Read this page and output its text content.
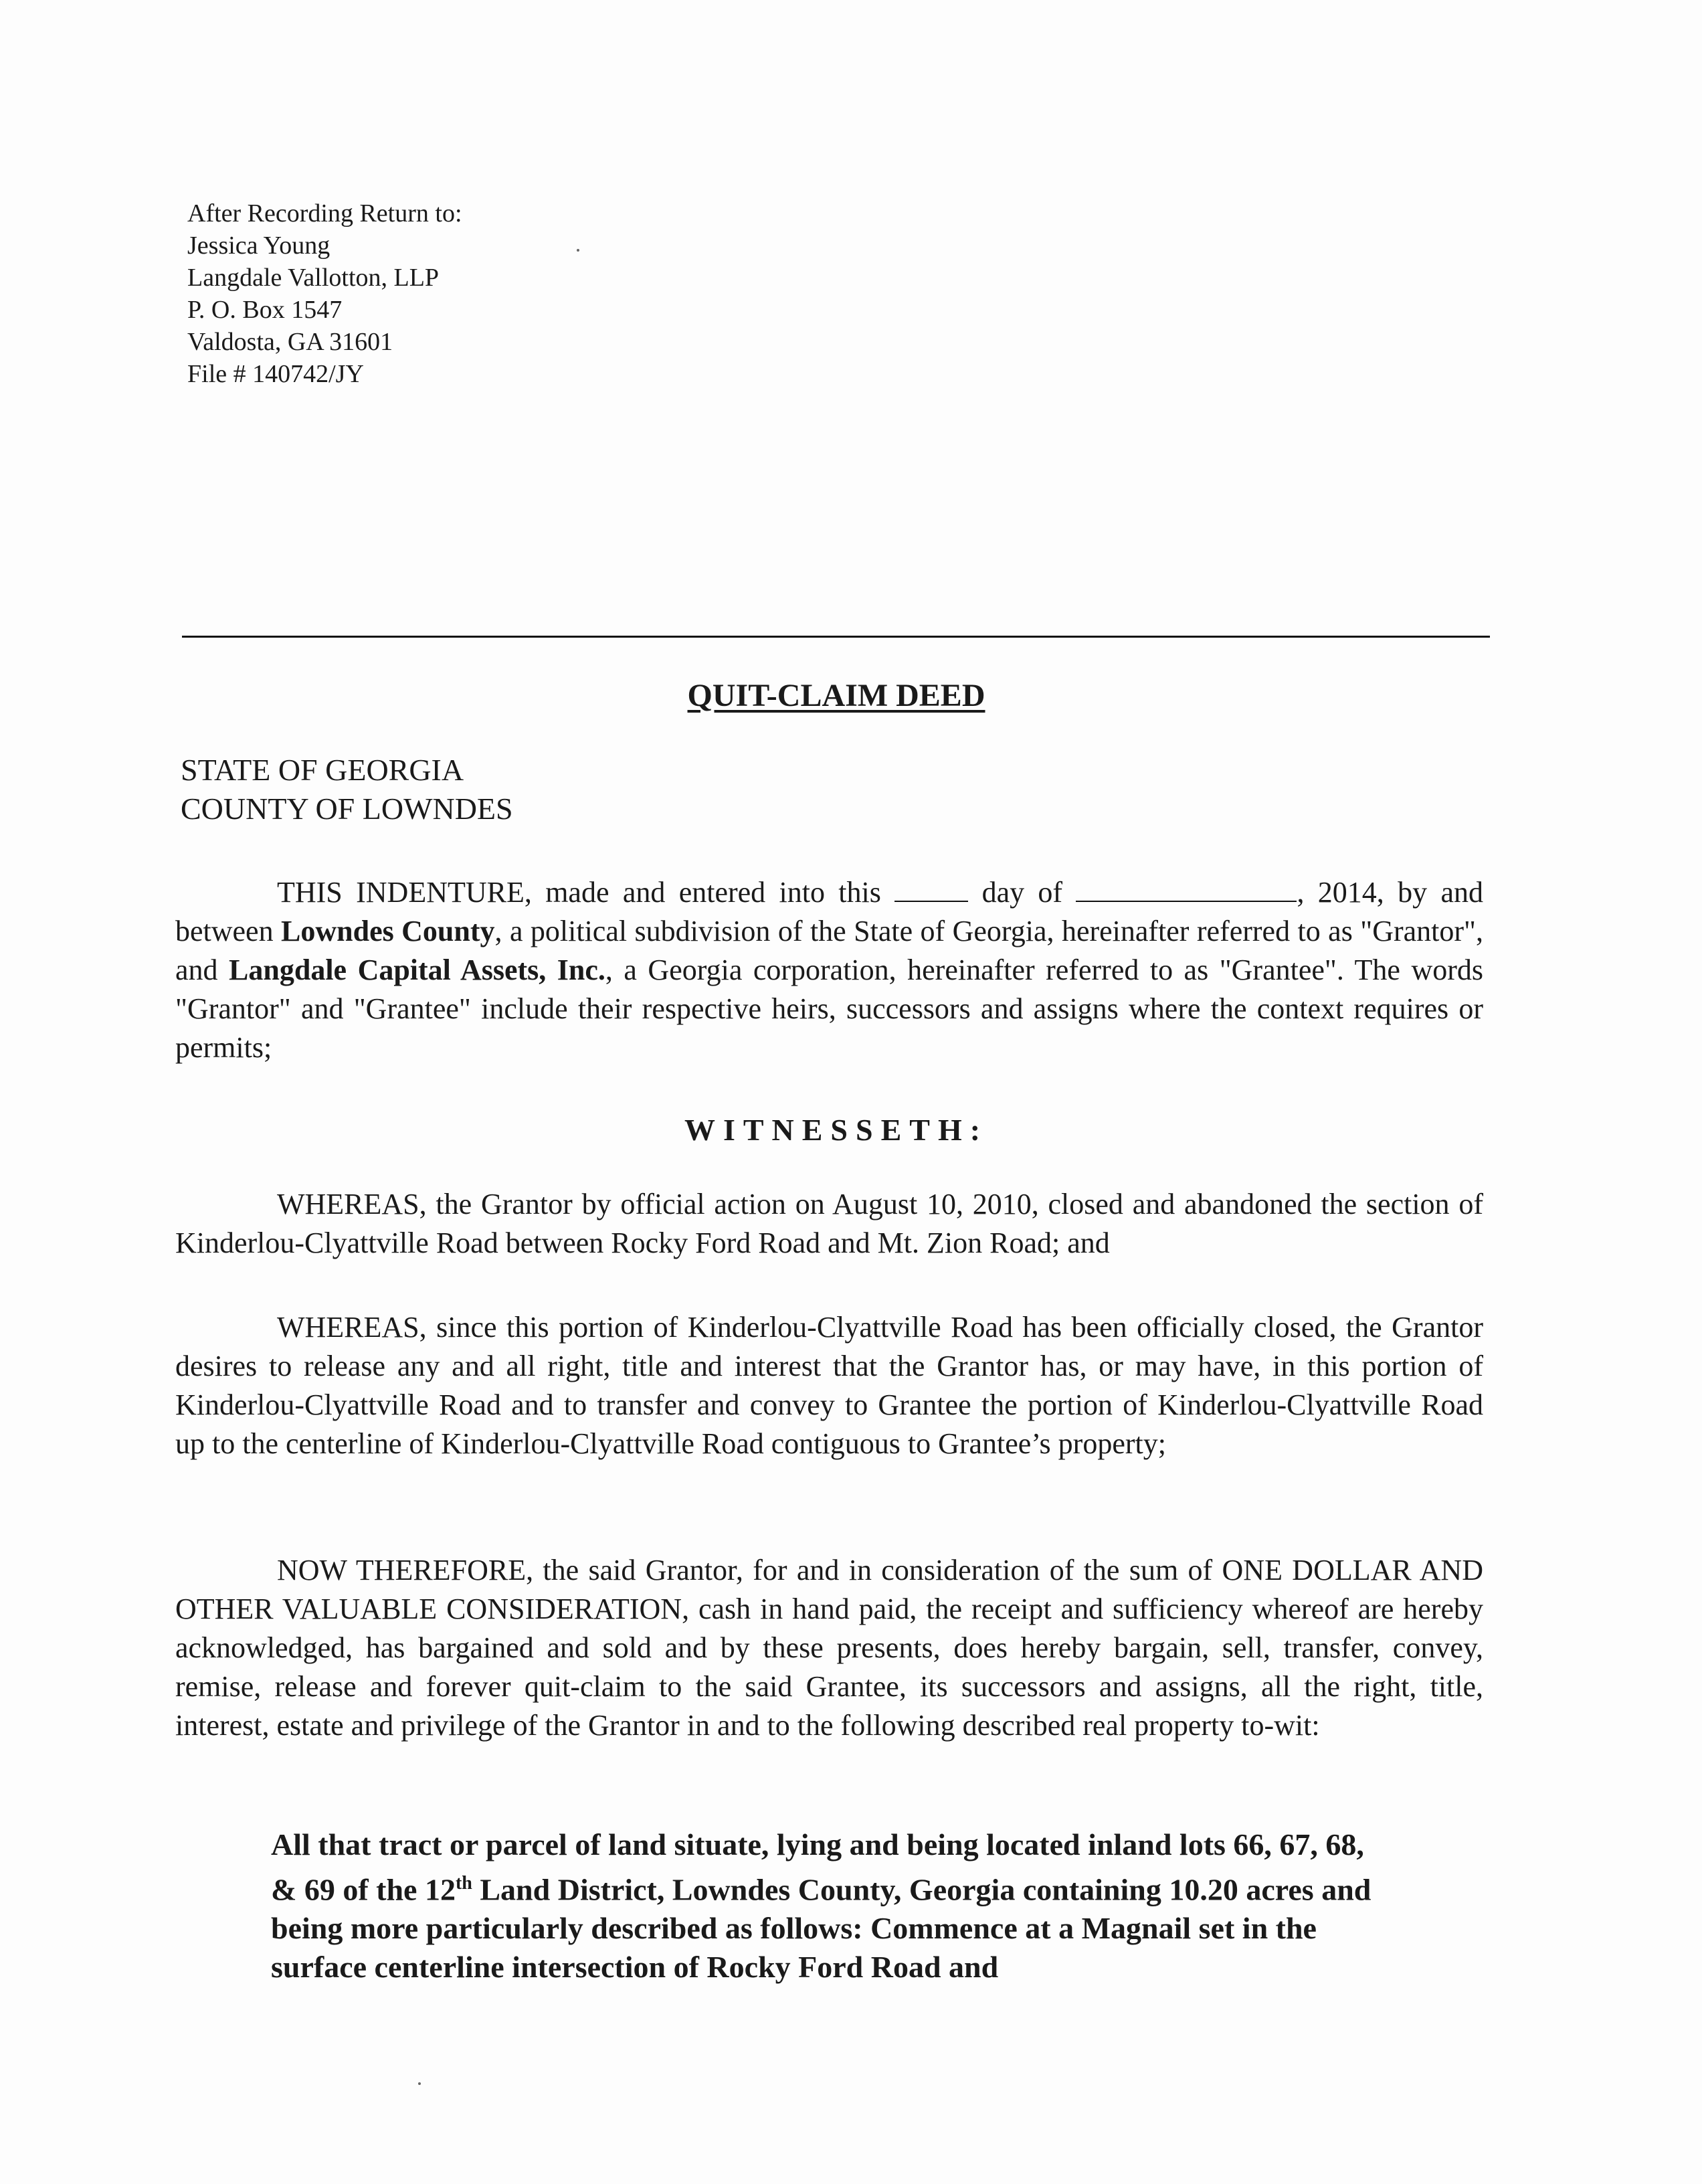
After Recording Return to:
Jessica Young
Langdale Vallotton, LLP
P. O. Box 1547
Valdosta, GA 31601
File # 140742/JY
QUIT-CLAIM DEED
STATE OF GEORGIA
COUNTY OF LOWNDES
THIS INDENTURE, made and entered into this	day of	, 2014, by and between Lowndes County, a political subdivision of the State of Georgia, hereinafter referred to as "Grantor", and Langdale Capital Assets, Inc., a Georgia corporation, hereinafter referred to as "Grantee". The words "Grantor" and "Grantee" include their respective heirs, successors and assigns where the context requires or permits;
WITNESSETH:
WHEREAS, the Grantor by official action on August 10, 2010, closed and abandoned the section of Kinderlou-Clyattville Road between Rocky Ford Road and Mt. Zion Road; and
WHEREAS, since this portion of Kinderlou-Clyattville Road has been officially closed, the Grantor desires to release any and all right, title and interest that the Grantor has, or may have, in this portion of Kinderlou-Clyattville Road and to transfer and convey to Grantee the portion of Kinderlou-Clyattville Road up to the centerline of Kinderlou-Clyattville Road contiguous to Grantee’s property;
NOW THEREFORE, the said Grantor, for and in consideration of the sum of ONE DOLLAR AND OTHER VALUABLE CONSIDERATION, cash in hand paid, the receipt and sufficiency whereof are hereby acknowledged, has bargained and sold and by these presents, does hereby bargain, sell, transfer, convey, remise, release and forever quit-claim to the said Grantee, its successors and assigns, all the right, title, interest, estate and privilege of the Grantor in and to the following described real property to-wit:
All that tract or parcel of land situate, lying and being located inland lots 66, 67, 68, & 69 of the 12th Land District, Lowndes County, Georgia containing 10.20 acres and being more particularly described as follows: Commence at a Magnail set in the surface centerline intersection of Rocky Ford Road and
